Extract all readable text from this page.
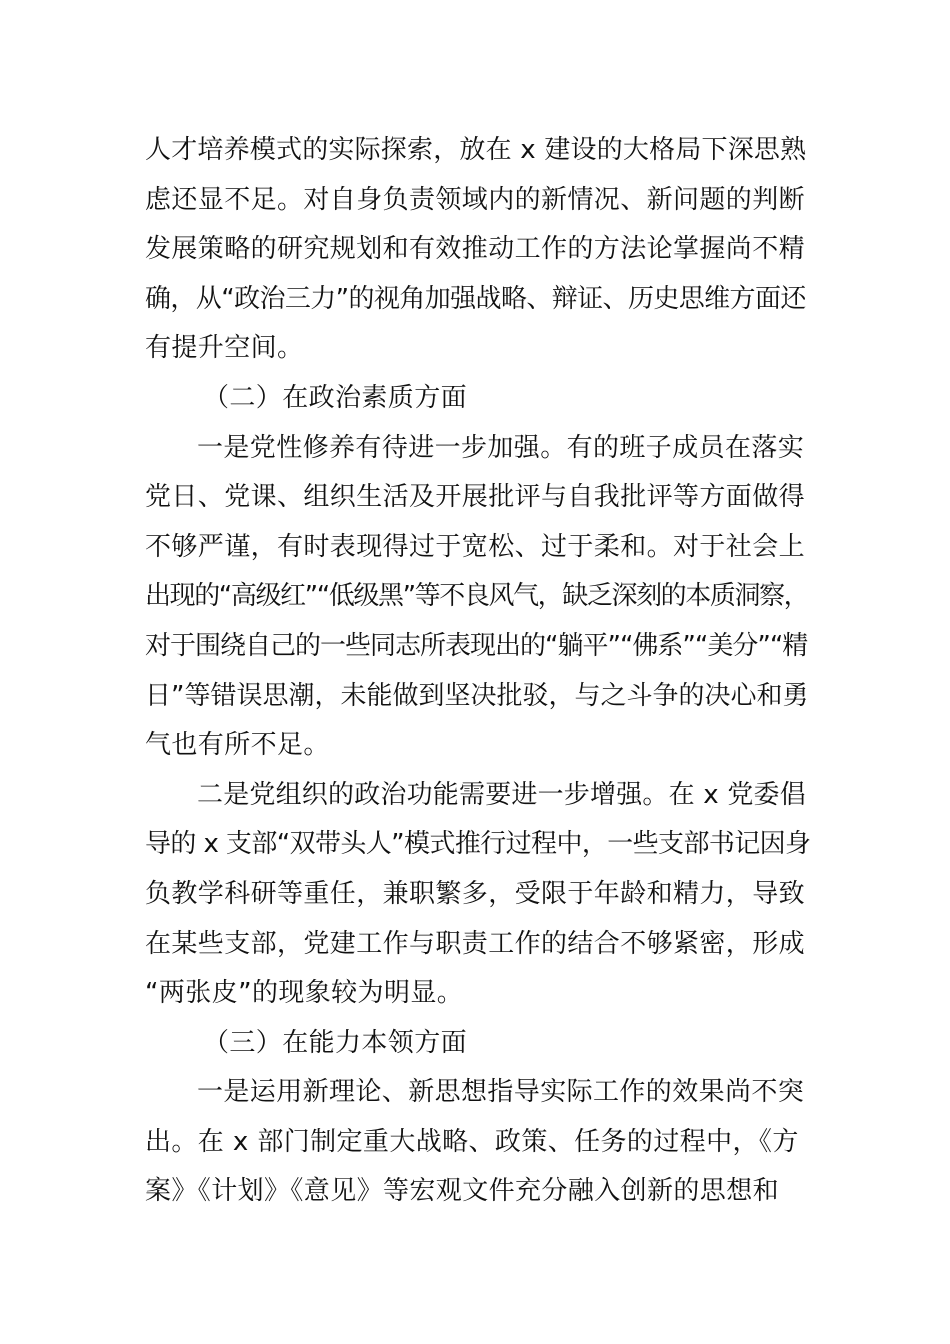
人才培养模式的实际探索，放在 x 建设的大格局下深思熟
虑还显不足。对自身负责领域内的新情况、新问题的判断
发展策略的研究规划和有效推动工作的方法论掌握尚不精
确，从“政治三力”的视角加强战略、辩证、历史思维方面还
有提升空间。
（二）在政治素质方面
一是党性修养有待进一步加强。有的班子成员在落实
党日、党课、组织生活及开展批评与自我批评等方面做得
不够严谨，有时表现得过于宽松、过于柔和。对于社会上
出现的“高级红”“低级黑”等不良风气，缺乏深刻的本质洞察，
对于围绕自己的一些同志所表现出的“躺平”“佛系”“美分”“精
日”等错误思潮，未能做到坚决批驳，与之斗争的决心和勇
气也有所不足。
二是党组织的政治功能需要进一步增强。在 x 党委倡
导的 x 支部“双带头人”模式推行过程中，一些支部书记因身
负教学科研等重任，兼职繁多，受限于年龄和精力，导致
在某些支部，党建工作与职责工作的结合不够紧密，形成
“两张皮”的现象较为明显。
（三）在能力本领方面
一是运用新理论、新思想指导实际工作的效果尚不突
出。在 x 部门制定重大战略、政策、任务的过程中，《方
案》《计划》《意见》等宏观文件充分融入创新的思想和
